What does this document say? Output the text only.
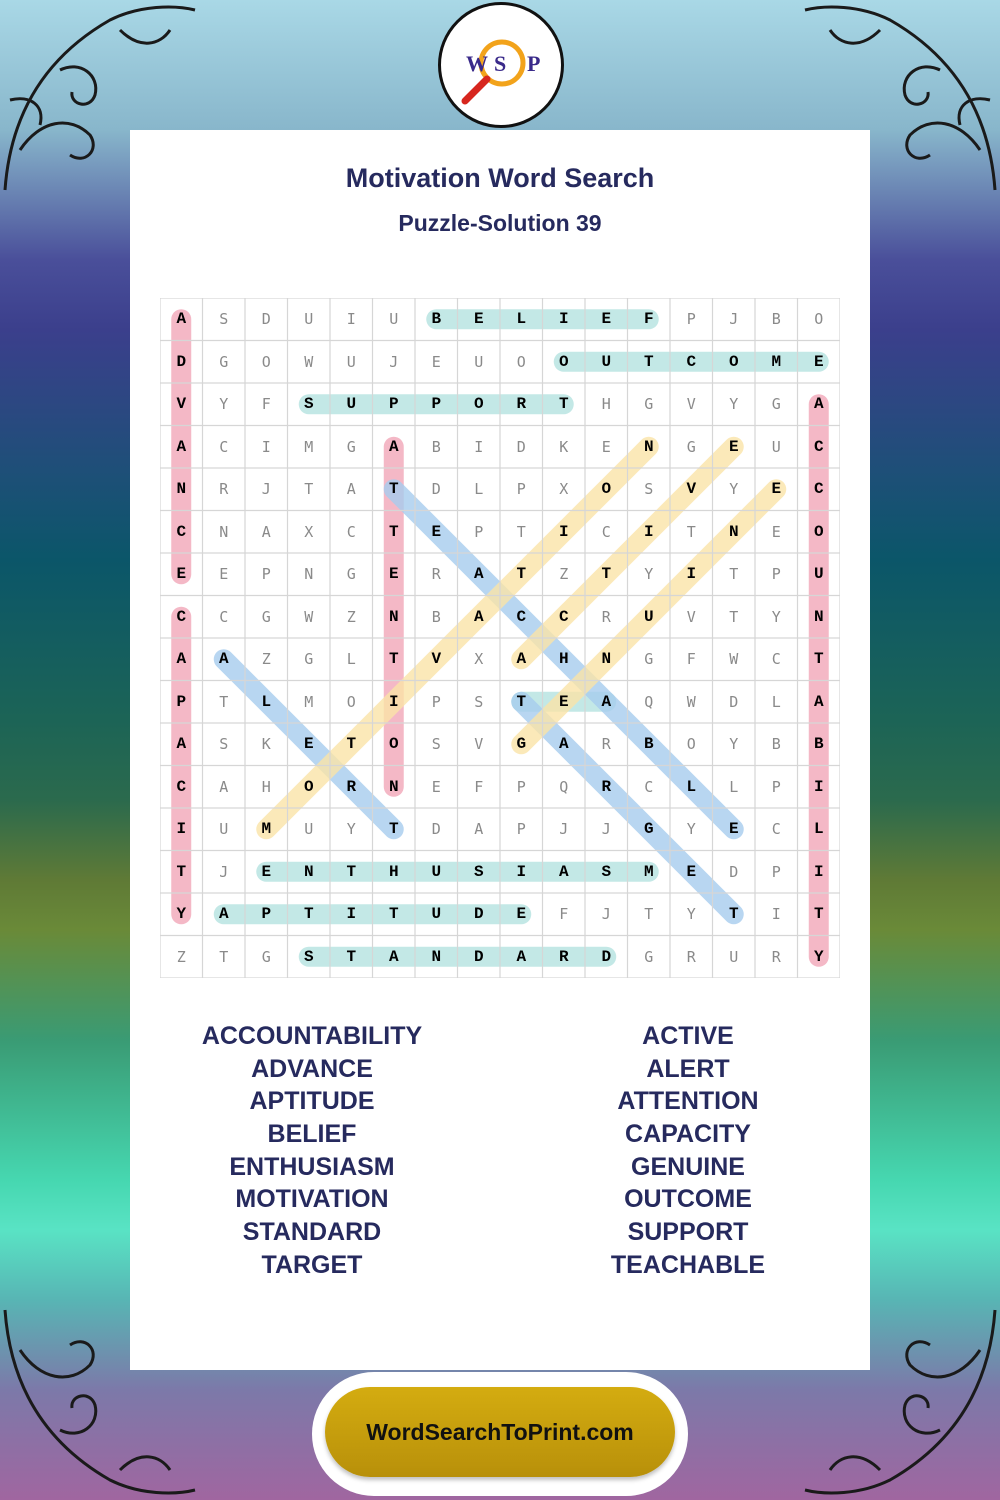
W S P
Motivation Word Search
Puzzle-Solution 39
A	S	D	U	I	U	B	E	L	I	E	F	P	J	B	O
D	G	O	W	U	J	E	U	O	O	U	T	C	O	M	E
V	Y	F	S	U	P	P	O	R	T	H	G	V	Y	G	A
A	C	I	M	G	A	B	I	D	K	E	N	G	E	U	C
N	R	J	T	A	T	D	L	P	X	O	S	V	Y	E	C
C	N	A	X	C	T	E	P	T	I	C	I	T	N	E	O
E	E	P	N	G	E	R	A	T	Z	T	Y	I	T	P	U
C	C	G	W	Z	N	B	A	C	C	R	U	V	T	Y	N
A	A	Z	G	L	T	V	X	A	H	N	G	F	W	C	T
P	T	L	M	O	I	P	S	T	E	A	Q	W	D	L	A
A	S	K	E	T	O	S	V	G	A	R	B	O	Y	B	B
C	A	H	O	R	N	E	F	P	Q	R	C	L	L	P	I
I	U	M	U	Y	T	D	A	P	J	J	G	Y	E	C	L
T	J	E	N	T	H	U	S	I	A	S	M	E	D	P	I
Y	A	P	T	I	T	U	D	E	F	J	T	Y	T	I	T
Z	T	G	S	T	A	N	D	A	R	D	G	R	U	R	Y
ACCOUNTABILITY
ADVANCE
APTITUDE
BELIEF
ENTHUSIASM
MOTIVATION
STANDARD
TARGET
ACTIVE
ALERT
ATTENTION
CAPACITY
GENUINE
OUTCOME
SUPPORT
TEACHABLE
WordSearchToPrint.com
